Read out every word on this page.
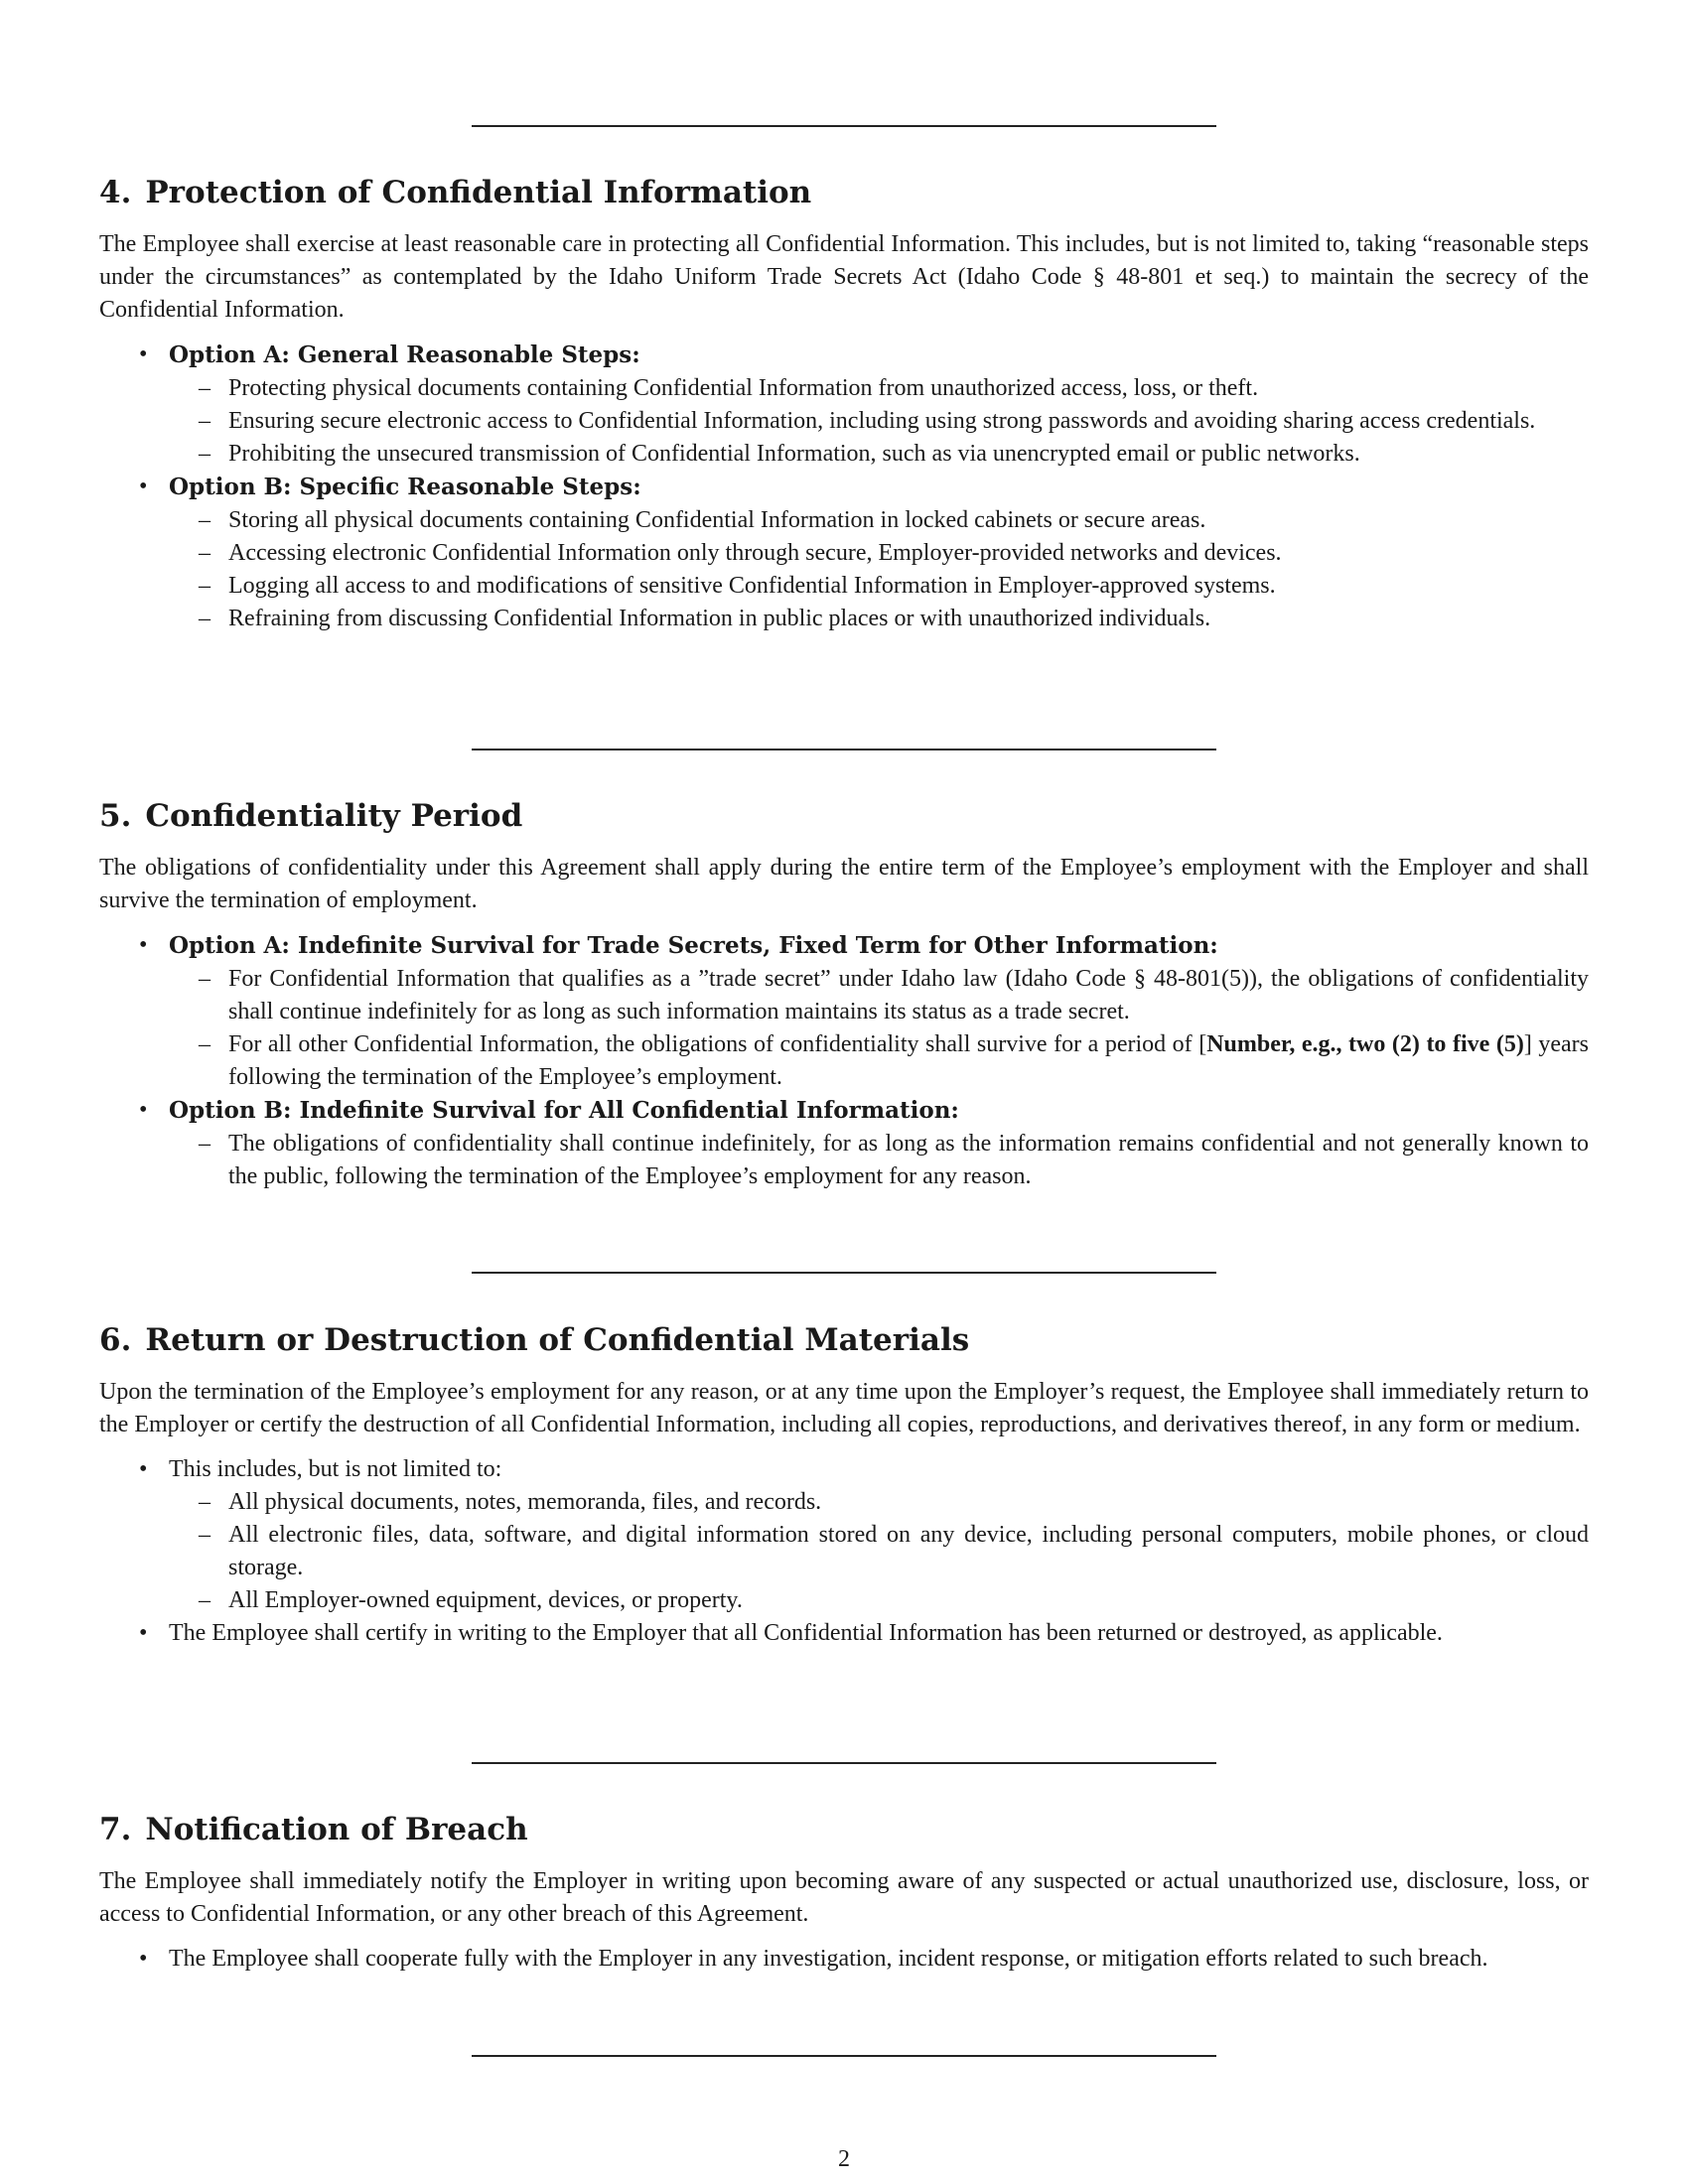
4. Protection of Confidential Information

The Employee shall exercise at least reasonable care in protecting all Confidential Information. This includes, but is not limited to, taking “reasonable steps under the circumstances” as contemplated by the Idaho Uniform Trade Secrets Act (Idaho Code § 48-801 et seq.) to maintain the secrecy of the Confidential Information.

• Option A: General Reasonable Steps:
– Protecting physical documents containing Confidential Information from unauthorized access, loss, or theft.
– Ensuring secure electronic access to Confidential Information, including using strong passwords and avoiding sharing access credentials.
– Prohibiting the unsecured transmission of Confidential Information, such as via unencrypted email or public networks.
• Option B: Specific Reasonable Steps:
– Storing all physical documents containing Confidential Information in locked cabinets or secure areas.
– Accessing electronic Confidential Information only through secure, Employer-provided networks and devices.
– Logging all access to and modifications of sensitive Confidential Information in Employer-approved systems.
– Refraining from discussing Confidential Information in public places or with unauthorized individuals.
5. Confidentiality Period

The obligations of confidentiality under this Agreement shall apply during the entire term of the Employee’s employment with the Employer and shall survive the termination of employment.

• Option A: Indefinite Survival for Trade Secrets, Fixed Term for Other Information:
– For Confidential Information that qualifies as a ”trade secret” under Idaho law (Idaho Code § 48-801(5)), the obligations of confidentiality shall continue indefinitely for as long as such information maintains its status as a trade secret.
– For all other Confidential Information, the obligations of confidentiality shall survive for a period of [Number, e.g., two (2) to five (5)] years following the termination of the Employee’s employment.
• Option B: Indefinite Survival for All Confidential Information:
– The obligations of confidentiality shall continue indefinitely, for as long as the information remains confidential and not generally known to the public, following the termination of the Employee’s employment for any reason.
6. Return or Destruction of Confidential Materials

Upon the termination of the Employee’s employment for any reason, or at any time upon the Employer’s request, the Employee shall immediately return to the Employer or certify the destruction of all Confidential Information, including all copies, reproductions, and derivatives thereof, in any form or medium.

• This includes, but is not limited to:
– All physical documents, notes, memoranda, files, and records.
– All electronic files, data, software, and digital information stored on any device, including personal computers, mobile phones, or cloud storage.
– All Employer-owned equipment, devices, or property.
• The Employee shall certify in writing to the Employer that all Confidential Information has been returned or destroyed, as applicable.
7. Notification of Breach

The Employee shall immediately notify the Employer in writing upon becoming aware of any suspected or actual unauthorized use, disclosure, loss, or access to Confidential Information, or any other breach of this Agreement.

• The Employee shall cooperate fully with the Employer in any investigation, incident response, or mitigation efforts related to such breach.
2
